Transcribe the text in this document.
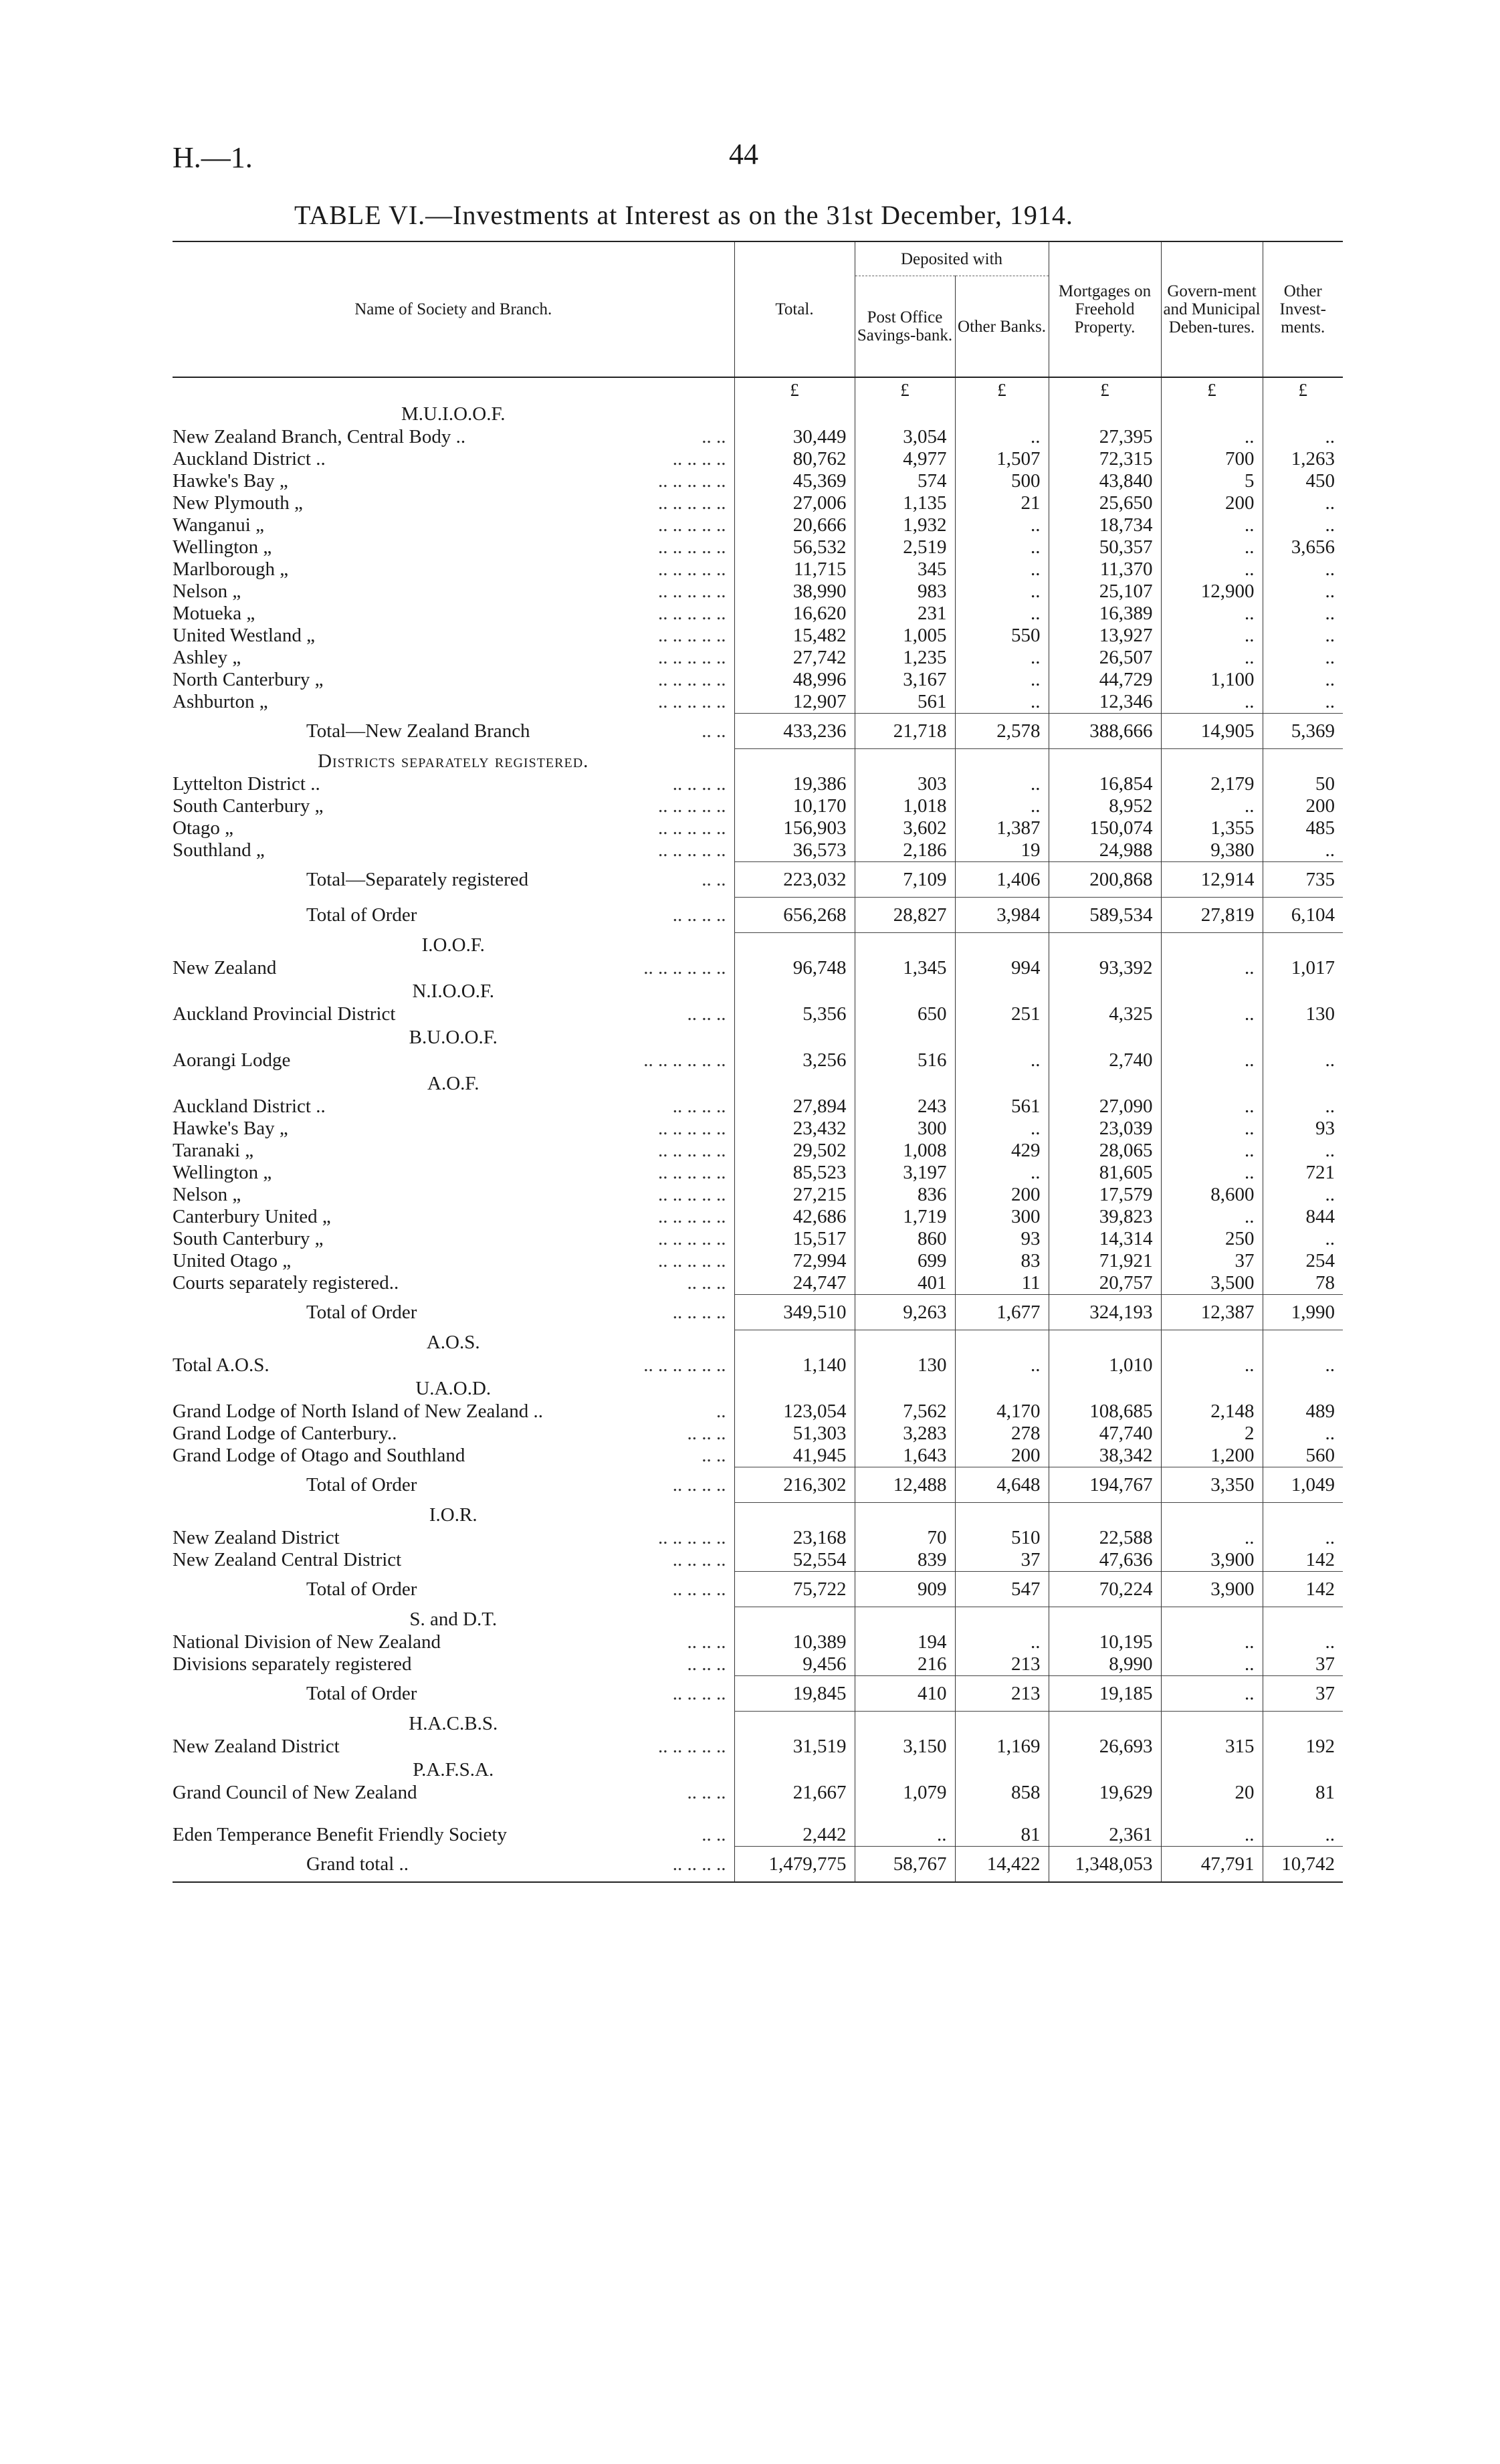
H.—1.	44
TABLE VI.—Investments at Interest as on the 31st December, 1914.
Name of Society and Branch.	Total.	Deposited with		Mortgages on Freehold Property.	Govern-ment and Municipal Deben-tures.	Other Invest-ments.
		Post Office Savings-bank.	Other Banks.			
	£	£	£	£	£	£
M.U.I.O.O.F.						
New Zealand Branch, Central Body .. .. ..	30,449	3,054	..	27,395	..	..
Auckland District .. .. .. .. ..	80,762	4,977	1,507	72,315	700	1,263
Hawke's Bay „ .. .. .. .. ..	45,369	574	500	43,840	5	450
New Plymouth „ .. .. .. .. ..	27,006	1,135	21	25,650	200	..
Wanganui „ .. .. .. .. ..	20,666	1,932	..	18,734	..	..
Wellington „ .. .. .. .. ..	56,532	2,519	..	50,357	..	3,656
Marlborough „ .. .. .. .. ..	11,715	345	..	11,370	..	..
Nelson „ .. .. .. .. ..	38,990	983	..	25,107	12,900	..
Motueka „ .. .. .. .. ..	16,620	231	..	16,389	..	..
United Westland „ .. .. .. .. ..	15,482	1,005	550	13,927	..	..
Ashley „ .. .. .. .. ..	27,742	1,235	..	26,507	..	..
North Canterbury „ .. .. .. .. ..	48,996	3,167	..	44,729	1,100	..
Ashburton „ .. .. .. .. ..	12,907	561	..	12,346	..	..
Total—New Zealand Branch .. ..	433,236	21,718	2,578	388,666	14,905	5,369
Districts separately registered.						
Lyttelton District .. .. .. .. ..	19,386	303	..	16,854	2,179	50
South Canterbury „ .. .. .. .. ..	10,170	1,018	..	8,952	..	200
Otago „ .. .. .. .. ..	156,903	3,602	1,387	150,074	1,355	485
Southland „ .. .. .. .. ..	36,573	2,186	19	24,988	9,380	..
Total—Separately registered .. ..	223,032	7,109	1,406	200,868	12,914	735
Total of Order .. .. .. ..	656,268	28,827	3,984	589,534	27,819	6,104
I.O.O.F.						
New Zealand .. .. .. .. .. ..	96,748	1,345	994	93,392	..	1,017
N.I.O.O.F.						
Auckland Provincial District .. .. ..	5,356	650	251	4,325	..	130
B.U.O.O.F.						
Aorangi Lodge .. .. .. .. .. ..	3,256	516	..	2,740	..	..
A.O.F.						
Auckland District .. .. .. .. ..	27,894	243	561	27,090	..	..
Hawke's Bay „ .. .. .. .. ..	23,432	300	..	23,039	..	93
Taranaki „ .. .. .. .. ..	29,502	1,008	429	28,065	..	..
Wellington „ .. .. .. .. ..	85,523	3,197	..	81,605	..	721
Nelson „ .. .. .. .. ..	27,215	836	200	17,579	8,600	..
Canterbury United „ .. .. .. .. ..	42,686	1,719	300	39,823	..	844
South Canterbury „ .. .. .. .. ..	15,517	860	93	14,314	250	..
United Otago „ .. .. .. .. ..	72,994	699	83	71,921	37	254
Courts separately registered.. .. .. ..	24,747	401	11	20,757	3,500	78
Total of Order .. .. .. ..	349,510	9,263	1,677	324,193	12,387	1,990
A.O.S.						
Total A.O.S. .. .. .. .. .. ..	1,140	130	..	1,010	..	..
U.A.O.D.						
Grand Lodge of North Island of New Zealand .. ..	123,054	7,562	4,170	108,685	2,148	489
Grand Lodge of Canterbury.. .. .. ..	51,303	3,283	278	47,740	2	..
Grand Lodge of Otago and Southland .. ..	41,945	1,643	200	38,342	1,200	560
Total of Order .. .. .. ..	216,302	12,488	4,648	194,767	3,350	1,049
I.O.R.						
New Zealand District .. .. .. .. ..	23,168	70	510	22,588	..	..
New Zealand Central District .. .. .. ..	52,554	839	37	47,636	3,900	142
Total of Order .. .. .. ..	75,722	909	547	70,224	3,900	142
S. and D.T.						
National Division of New Zealand .. .. ..	10,389	194	..	10,195	..	..
Divisions separately registered .. .. ..	9,456	216	213	8,990	..	37
Total of Order .. .. .. ..	19,845	410	213	19,185	..	37
H.A.C.B.S.						
New Zealand District .. .. .. .. ..	31,519	3,150	1,169	26,693	315	192
P.A.F.S.A.						
Grand Council of New Zealand .. .. ..	21,667	1,079	858	19,629	20	81

Eden Temperance Benefit Friendly Society .. ..	2,442	..	81	2,361	..	..
Grand total .. .. .. .. ..	1,479,775	58,767	14,422	1,348,053	47,791	10,742
